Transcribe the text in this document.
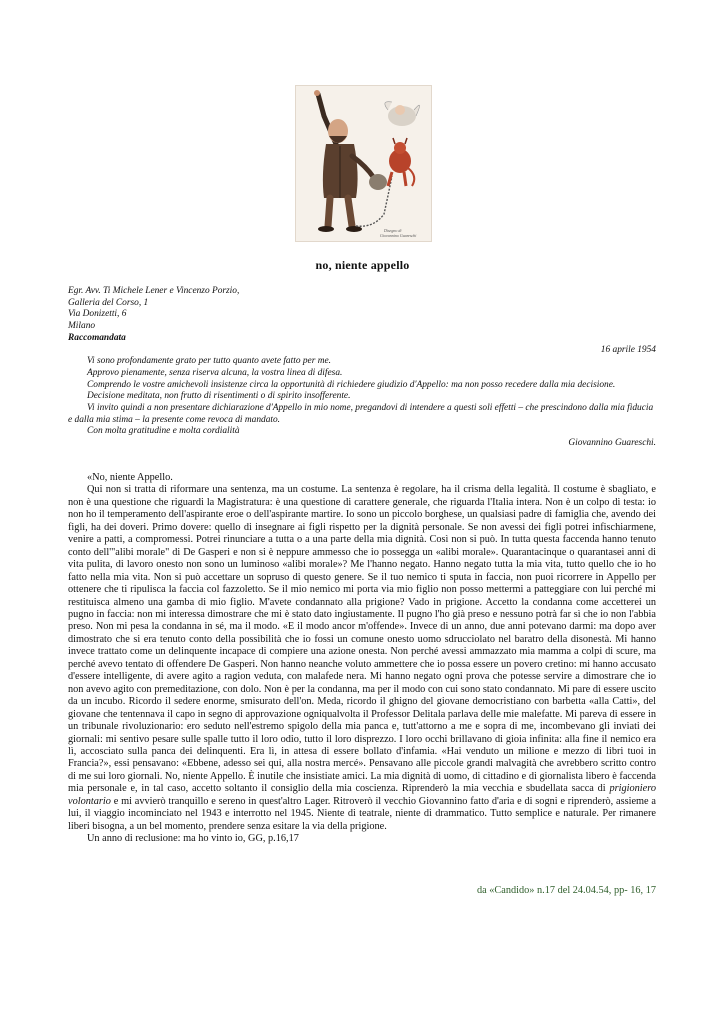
Disegno di
Giovannino Guareschi
no, niente appello
Egr. Avv. Ti Michele Lener e Vincenzo Porzio,
Galleria del Corso, 1
Via Donizetti, 6
Milano
Raccomandata
16 aprile 1954

Vi sono profondamente grato per tutto quanto avete fatto per me.

Approvo pienamente, senza riserva alcuna, la vostra linea di difesa.

Comprendo le vostre amichevoli insistenze circa la opportunità di richiedere giudizio d'Appello: ma non posso recedere dalla mia decisione.

Decisione meditata, non frutto di risentimenti o di spirito insofferente.

Vi invito quindi a non presentare dichiarazione d'Appello in mio nome, pregandovi di intendere a questi soli effetti – che prescindono dalla mia fiducia e dalla mia stima – la presente come revoca di mandato.

Con molta gratitudine e molta cordialità

Giovannino Guareschi.

«No, niente Appello.

Qui non si tratta di riformare una sentenza, ma un costume. La sentenza è regolare, ha il crisma della legalità. Il costume è sbagliato, e non è una questione che riguardi la Magistratura: è una questione di carattere generale, che riguarda l'Italia intera. Non è un colpo di testa: io non ho il temperamento dell'aspirante eroe o dell'aspirante martire. Io sono un piccolo borghese, un qualsiasi padre di famiglia che, avendo dei figli, ha dei doveri. Primo dovere: quello di insegnare ai figli rispetto per la dignità personale. Se non avessi dei figli potrei infischiarmene, venire a patti, a compromessi. Potrei rinunciare a tutta o a una parte della mia dignità. Così non si può. In tutta questa faccenda hanno tenuto conto dell'"alibi morale" di De Gasperi e non si è neppure ammesso che io possegga un «alibi morale». Quarantacinque o quarantasei anni di vita pulita, di lavoro onesto non sono un luminoso «alibi morale»? Me l'hanno negato. Hanno negato tutta la mia vita, tutto quello che io ho fatto nella mia vita. Non si può accettare un sopruso di questo genere. Se il tuo nemico ti sputa in faccia, non puoi ricorrere in Appello per ottenere che ti ripulisca la faccia col fazzoletto. Se il mio nemico mi porta via mio figlio non posso mettermi a patteggiare con lui perché mi restituisca almeno una gamba di mio figlio. M'avete condannato alla prigione? Vado in prigione. Accetto la condanna come accetterei un pugno in faccia: non mi interessa dimostrare che mi è stato dato ingiustamente. Il pugno l'ho già preso e nessuno potrà far sì che io non l'abbia preso. Non mi pesa la condanna in sé, ma il modo. «E il modo ancor m'offende». Invece di un anno, due anni potevano darmi: ma dopo aver dimostrato che si era tenuto conto della possibilità che io fossi un comune onesto uomo sdrucciolato nel baratro della disonestà. Mi hanno invece trattato come un delinquente incapace di compiere una azione onesta. Non perché avessi ammazzato mia mamma a colpi di scure, ma perché avevo tentato di offendere De Gasperi. Non hanno neanche voluto ammettere che io possa essere un povero cretino: mi hanno accusato d'essere intelligente, di avere agito a ragion veduta, con malafede nera. Mi hanno negato ogni prova che potesse servire a dimostrare che io non avevo agito con premeditazione, con dolo. Non è per la condanna, ma per il modo con cui sono stato condannato. Mi pare di essere uscito da un incubo. Ricordo il sedere enorme, smisurato dell'on. Meda, ricordo il ghigno del giovane democristiano con barbetta «alla Catti», del giovane che tentennava il capo in segno di approvazione ogniqualvolta il Professor Delitala parlava delle mie malefatte. Mi pareva di essere in un tribunale rivoluzionario: ero seduto nell'estremo spigolo della mia panca e, tutt'attorno a me e sopra di me, incombevano gli inviati dei giornali: mi sentivo pesare sulle spalle tutto il loro odio, tutto il loro disprezzo. I loro occhi brillavano di gioia infinita: alla fine il nemico era lì, accosciato sulla panca dei delinquenti. Era lì, in attesa di essere bollato d'infamia. «Hai venduto un milione e mezzo di libri tuoi in Francia?», essi pensavano: «Ebbene, adesso sei qui, alla nostra mercé». Pensavano alle piccole grandi malvagità che avrebbero scritto contro di me sui loro giornali. No, niente Appello. È inutile che insistiate amici. La mia dignità di uomo, di cittadino e di giornalista libero è faccenda mia personale e, in tal caso, accetto soltanto il consiglio della mia coscienza. Riprenderò la mia vecchia e sbudellata sacca di prigioniero volontario e mi avvierò tranquillo e sereno in quest'altro Lager. Ritroverò il vecchio Giovannino fatto d'aria e di sogni e riprenderò, assieme a lui, il viaggio incominciato nel 1943 e interrotto nel 1945. Niente di teatrale, niente di drammatico. Tutto semplice e naturale. Per rimanere liberi bisogna, a un bel momento, prendere senza esitare la via della prigione.

Un anno di reclusione: ma ho vinto io, GG, p.16,17

da «Candido» n.17 del 24.04.54, pp- 16, 17
